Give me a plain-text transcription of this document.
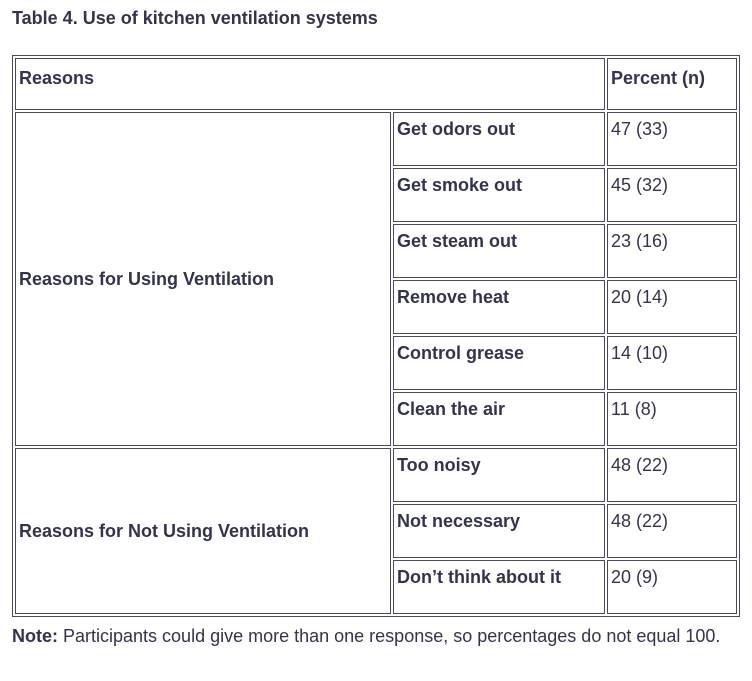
Table 4. Use of kitchen ventilation systems
Reasons		Percent (n)
Reasons for Using Ventilation	Get odors out	47 (33)
	Get smoke out	45 (32)
	Get steam out	23 (16)
	Remove heat	20 (14)
	Control grease	14 (10)
	Clean the air	11 (8)
Reasons for Not Using Ventilation	Too noisy	48 (22)
	Not necessary	48 (22)
	Don’t think about it	20 (9)
Note: Participants could give more than one response, so percentages do not equal 100.
